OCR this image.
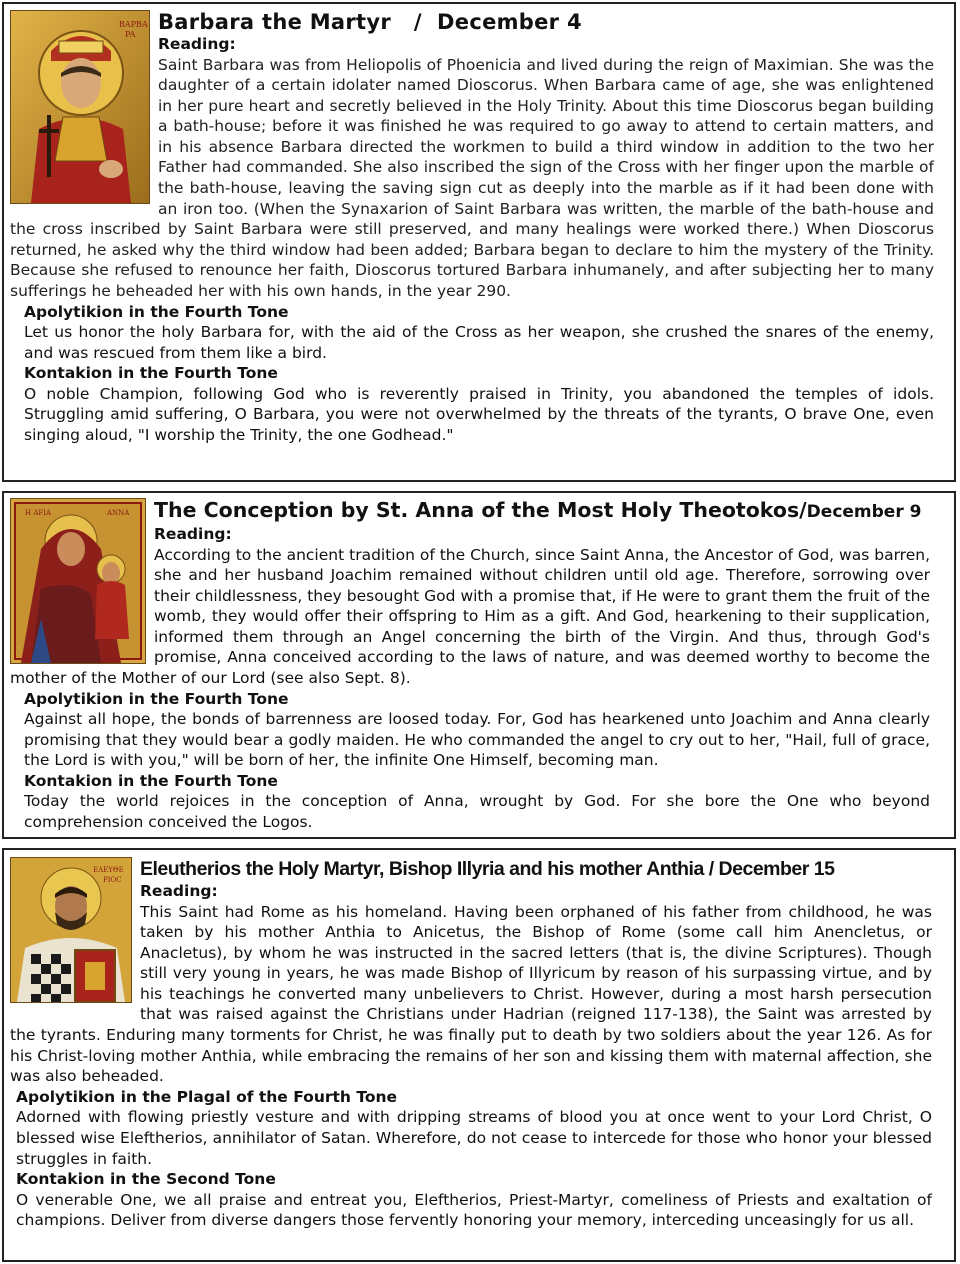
BAPBA
PA
Barbara the Martyr   /  December 4
Reading:

Saint Barbara was from Heliopolis of Phoenicia and lived during the reign of Maximian. She was the daughter of a certain idolater named Dioscorus. When Barbara came of age, she was enlightened in her pure heart and secretly believed in the Holy Trinity. About this time Dioscorus began building a bath-house; before it was finished he was required to go away to attend to certain matters, and in his absence Barbara directed the workmen to build a third window in addition to the two her Father had commanded. She also inscribed the sign of the Cross with her finger upon the marble of the bath-house, leaving the saving sign cut as deeply into the marble as if it had been done with an iron too. (When the Synaxarion of Saint Barbara was written, the marble of the bath-house and the cross inscribed by Saint Barbara were still preserved, and many healings were worked there.) When Dioscorus returned, he asked why the third window had been added; Barbara began to declare to him the mystery of the Trinity. Because she refused to renounce her faith, Dioscorus tortured Barbara inhumanely, and after subjecting her to many sufferings he beheaded her with his own hands, in the year 290.

Apolytikion in the Fourth Tone

Let us honor the holy Barbara for, with the aid of the Cross as her weapon, she crushed the snares of the enemy, and was rescued from them like a bird.

Kontakion in the Fourth Tone

O noble Champion, following God who is reverently praised in Trinity, you abandoned the temples of idols. Struggling amid suffering, O Barbara, you were not overwhelmed by the threats of the tyrants, O brave One, even singing aloud, "I worship the Trinity, the one Godhead."

H AFIA	ANNA	The Conception by St. Anna of the Most Holy Theotokos/December 9
Reading:

According to the ancient tradition of the Church, since Saint Anna, the Ancestor of God, was barren, she and her husband Joachim remained without children until old age. Therefore, sorrowing over their childlessness, they besought God with a promise that, if He were to grant them the fruit of the womb, they would offer their offspring to Him as a gift. And God, hearkening to their supplication, informed them through an Angel concerning the birth of the Virgin. And thus, through God's promise, Anna conceived according to the laws of nature, and was deemed worthy to become the mother of the Mother of our Lord (see also Sept. 8).

Apolytikion in the Fourth Tone

Against all hope, the bonds of barrenness are loosed today. For, God has hearkened unto Joachim and Anna clearly promising that they would bear a godly maiden. He who commanded the angel to cry out to her, "Hail, full of grace, the Lord is with you," will be born of her, the infinite One Himself, becoming man.

Kontakion in the Fourth Tone

Today the world rejoices in the conception of Anna, wrought by God. For she bore the One who beyond comprehension conceived the Logos.

ΕΛΕΥΘΕ
PIOC Eleutherios the Holy Martyr, Bishop Illyria and his mother Anthia / December 15
Reading:

This Saint had Rome as his homeland. Having been orphaned of his father from childhood, he was taken by his mother Anthia to Anicetus, the Bishop of Rome (some call him Anencletus, or Anacletus), by whom he was instructed in the sacred letters (that is, the divine Scriptures). Though still very young in years, he was made Bishop of Illyricum by reason of his surpassing virtue, and by his teachings he converted many unbelievers to Christ. However, during a most harsh persecution that was raised against the Christians under Hadrian (reigned 117-138), the Saint was arrested by the tyrants. Enduring many torments for Christ, he was finally put to death by two soldiers about the year 126. As for his Christ-loving mother Anthia, while embracing the remains of her son and kissing them with maternal affection, she was also beheaded.

Apolytikion in the Plagal of the Fourth Tone

Adorned with flowing priestly vesture and with dripping streams of blood you at once went to your Lord Christ, O blessed wise Eleftherios, annihilator of Satan. Wherefore, do not cease to intercede for those who honor your blessed struggles in faith.

Kontakion in the Second Tone

O venerable One, we all praise and entreat you, Eleftherios, Priest-Martyr, comeliness of Priests and exaltation of champions. Deliver from diverse dangers those fervently honoring your memory, interceding unceasingly for us all.
